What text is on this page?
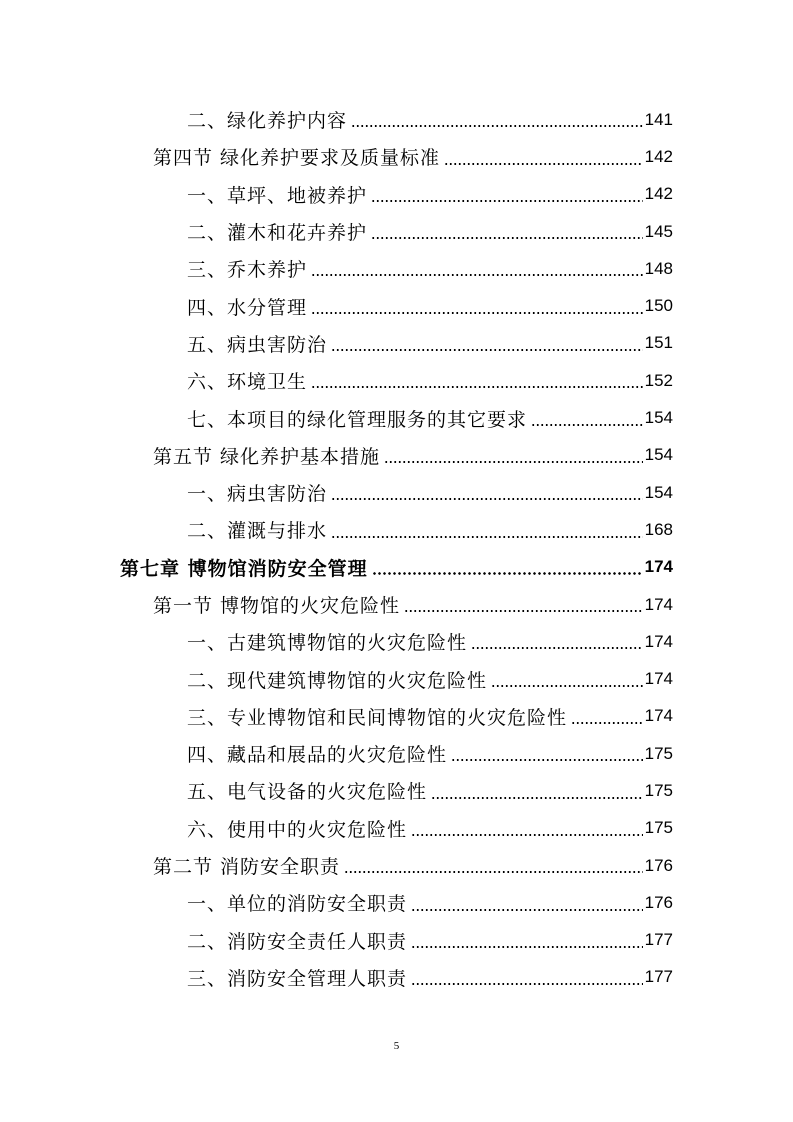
二、绿化养护内容	141
第四节 绿化养护要求及质量标准	142
一、草坪、地被养护	142
二、灌木和花卉养护	145
三、乔木养护	148
四、水分管理	150
五、病虫害防治	151
六、环境卫生	152
七、本项目的绿化管理服务的其它要求	154
第五节 绿化养护基本措施	154
一、病虫害防治	154
二、灌溉与排水	168
第七章 博物馆消防安全管理	174
第一节 博物馆的火灾危险性	174
一、古建筑博物馆的火灾危险性	174
二、现代建筑博物馆的火灾危险性	174
三、专业博物馆和民间博物馆的火灾危险性	174
四、藏品和展品的火灾危险性	175
五、电气设备的火灾危险性	175
六、使用中的火灾危险性	175
第二节 消防安全职责	176
一、单位的消防安全职责	176
二、消防安全责任人职责	177
三、消防安全管理人职责	177
5
